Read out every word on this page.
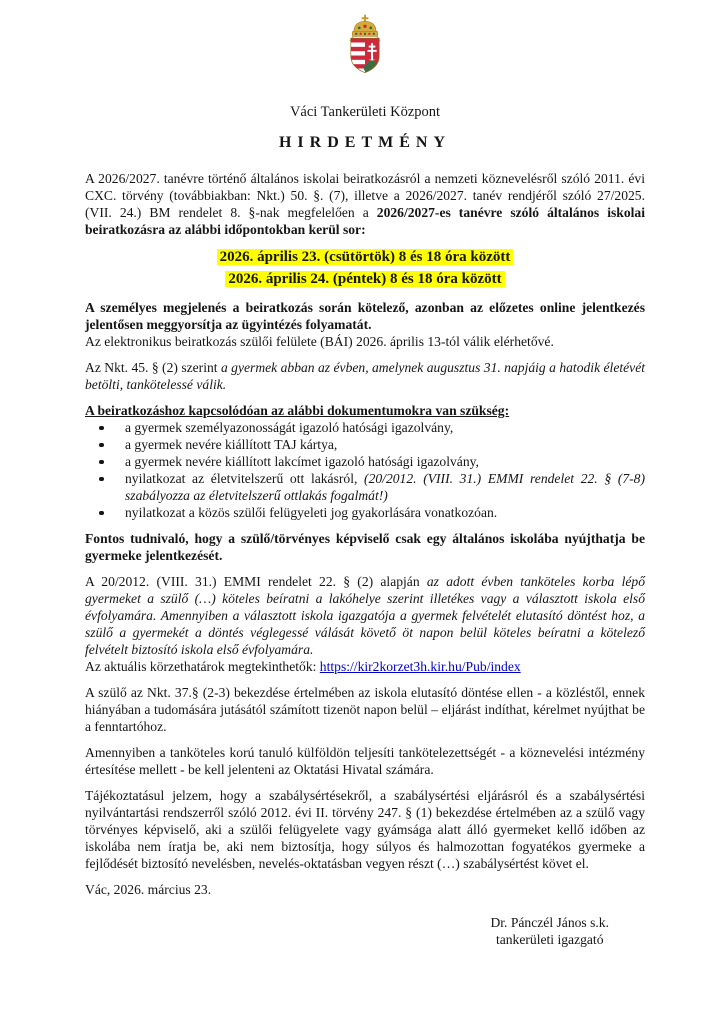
Váci Tankerületi Központ
HIRDETMÉNY

A 2026/2027. tanévre történő általános iskolai beiratkozásról a nemzeti köznevelésről szóló 2011. évi CXC. törvény (továbbiakban: Nkt.) 50. §. (7), illetve a 2026/2027. tanév rendjéről szóló 27/2025. (VII. 24.) BM rendelet 8. §-nak megfelelően a 2026/2027-es tanévre szóló általános iskolai beiratkozásra az alábbi időpontokban kerül sor:

2026. április 23. (csütörtök) 8 és 18 óra között
2026. április 24. (péntek) 8 és 18 óra között

A személyes megjelenés a beiratkozás során kötelező, azonban az előzetes online jelentkezés jelentősen meggyorsítja az ügyintézés folyamatát.
Az elektronikus beiratkozás szülői felülete (BÁI) 2026. április 13-tól válik elérhetővé.

Az Nkt. 45. § (2) szerint a gyermek abban az évben, amelynek augusztus 31. napjáig a hatodik életévét betölti, tankötelessé válik.

A beiratkozáshoz kapcsolódóan az alábbi dokumentumokra van szükség:
a gyermek személyazonosságát igazoló hatósági igazolvány,
a gyermek nevére kiállított TAJ kártya,
a gyermek nevére kiállított lakcímet igazoló hatósági igazolvány,
nyilatkozat az életvitelszerű ott lakásról, (20/2012. (VIII. 31.) EMMI rendelet 22. § (7-8) szabályozza az életvitelszerű ottlakás fogalmát!)
nyilatkozat a közös szülői felügyeleti jog gyakorlására vonatkozóan.

Fontos tudnivaló, hogy a szülő/törvényes képviselő csak egy általános iskolába nyújthatja be gyermeke jelentkezését.

A 20/2012. (VIII. 31.) EMMI rendelet 22. § (2) alapján az adott évben tanköteles korba lépő gyermeket a szülő (…) köteles beíratni a lakóhelye szerint illetékes vagy a választott iskola első évfolyamára. Amennyiben a választott iskola igazgatója a gyermek felvételét elutasító döntést hoz, a szülő a gyermekét a döntés véglegessé válását követő öt napon belül köteles beíratni a kötelező felvételt biztosító iskola első évfolyamára.
Az aktuális körzethatárok megtekinthetők: https://kir2korzet3h.kir.hu/Pub/index

A szülő az Nkt. 37.§ (2-3) bekezdése értelmében az iskola elutasító döntése ellen - a közléstől, ennek hiányában a tudomására jutásától számított tizenöt napon belül – eljárást indíthat, kérelmet nyújthat be a fenntartóhoz.

Amennyiben a tanköteles korú tanuló külföldön teljesíti tankötelezettségét - a köznevelési intézmény értesítése mellett - be kell jelenteni az Oktatási Hivatal számára.

Tájékoztatásul jelzem, hogy a szabálysértésekről, a szabálysértési eljárásról és a szabálysértési nyilvántartási rendszerről szóló 2012. évi II. törvény 247. § (1) bekezdése értelmében az a szülő vagy törvényes képviselő, aki a szülői felügyelete vagy gyámsága alatt álló gyermeket kellő időben az iskolába nem íratja be, aki nem biztosítja, hogy súlyos és halmozottan fogyatékos gyermeke a fejlődését biztosító nevelésben, nevelés-oktatásban vegyen részt (…) szabálysértést követ el.

Vác, 2026. március 23.

Dr. Pánczél János s.k.
tankerületi igazgató
